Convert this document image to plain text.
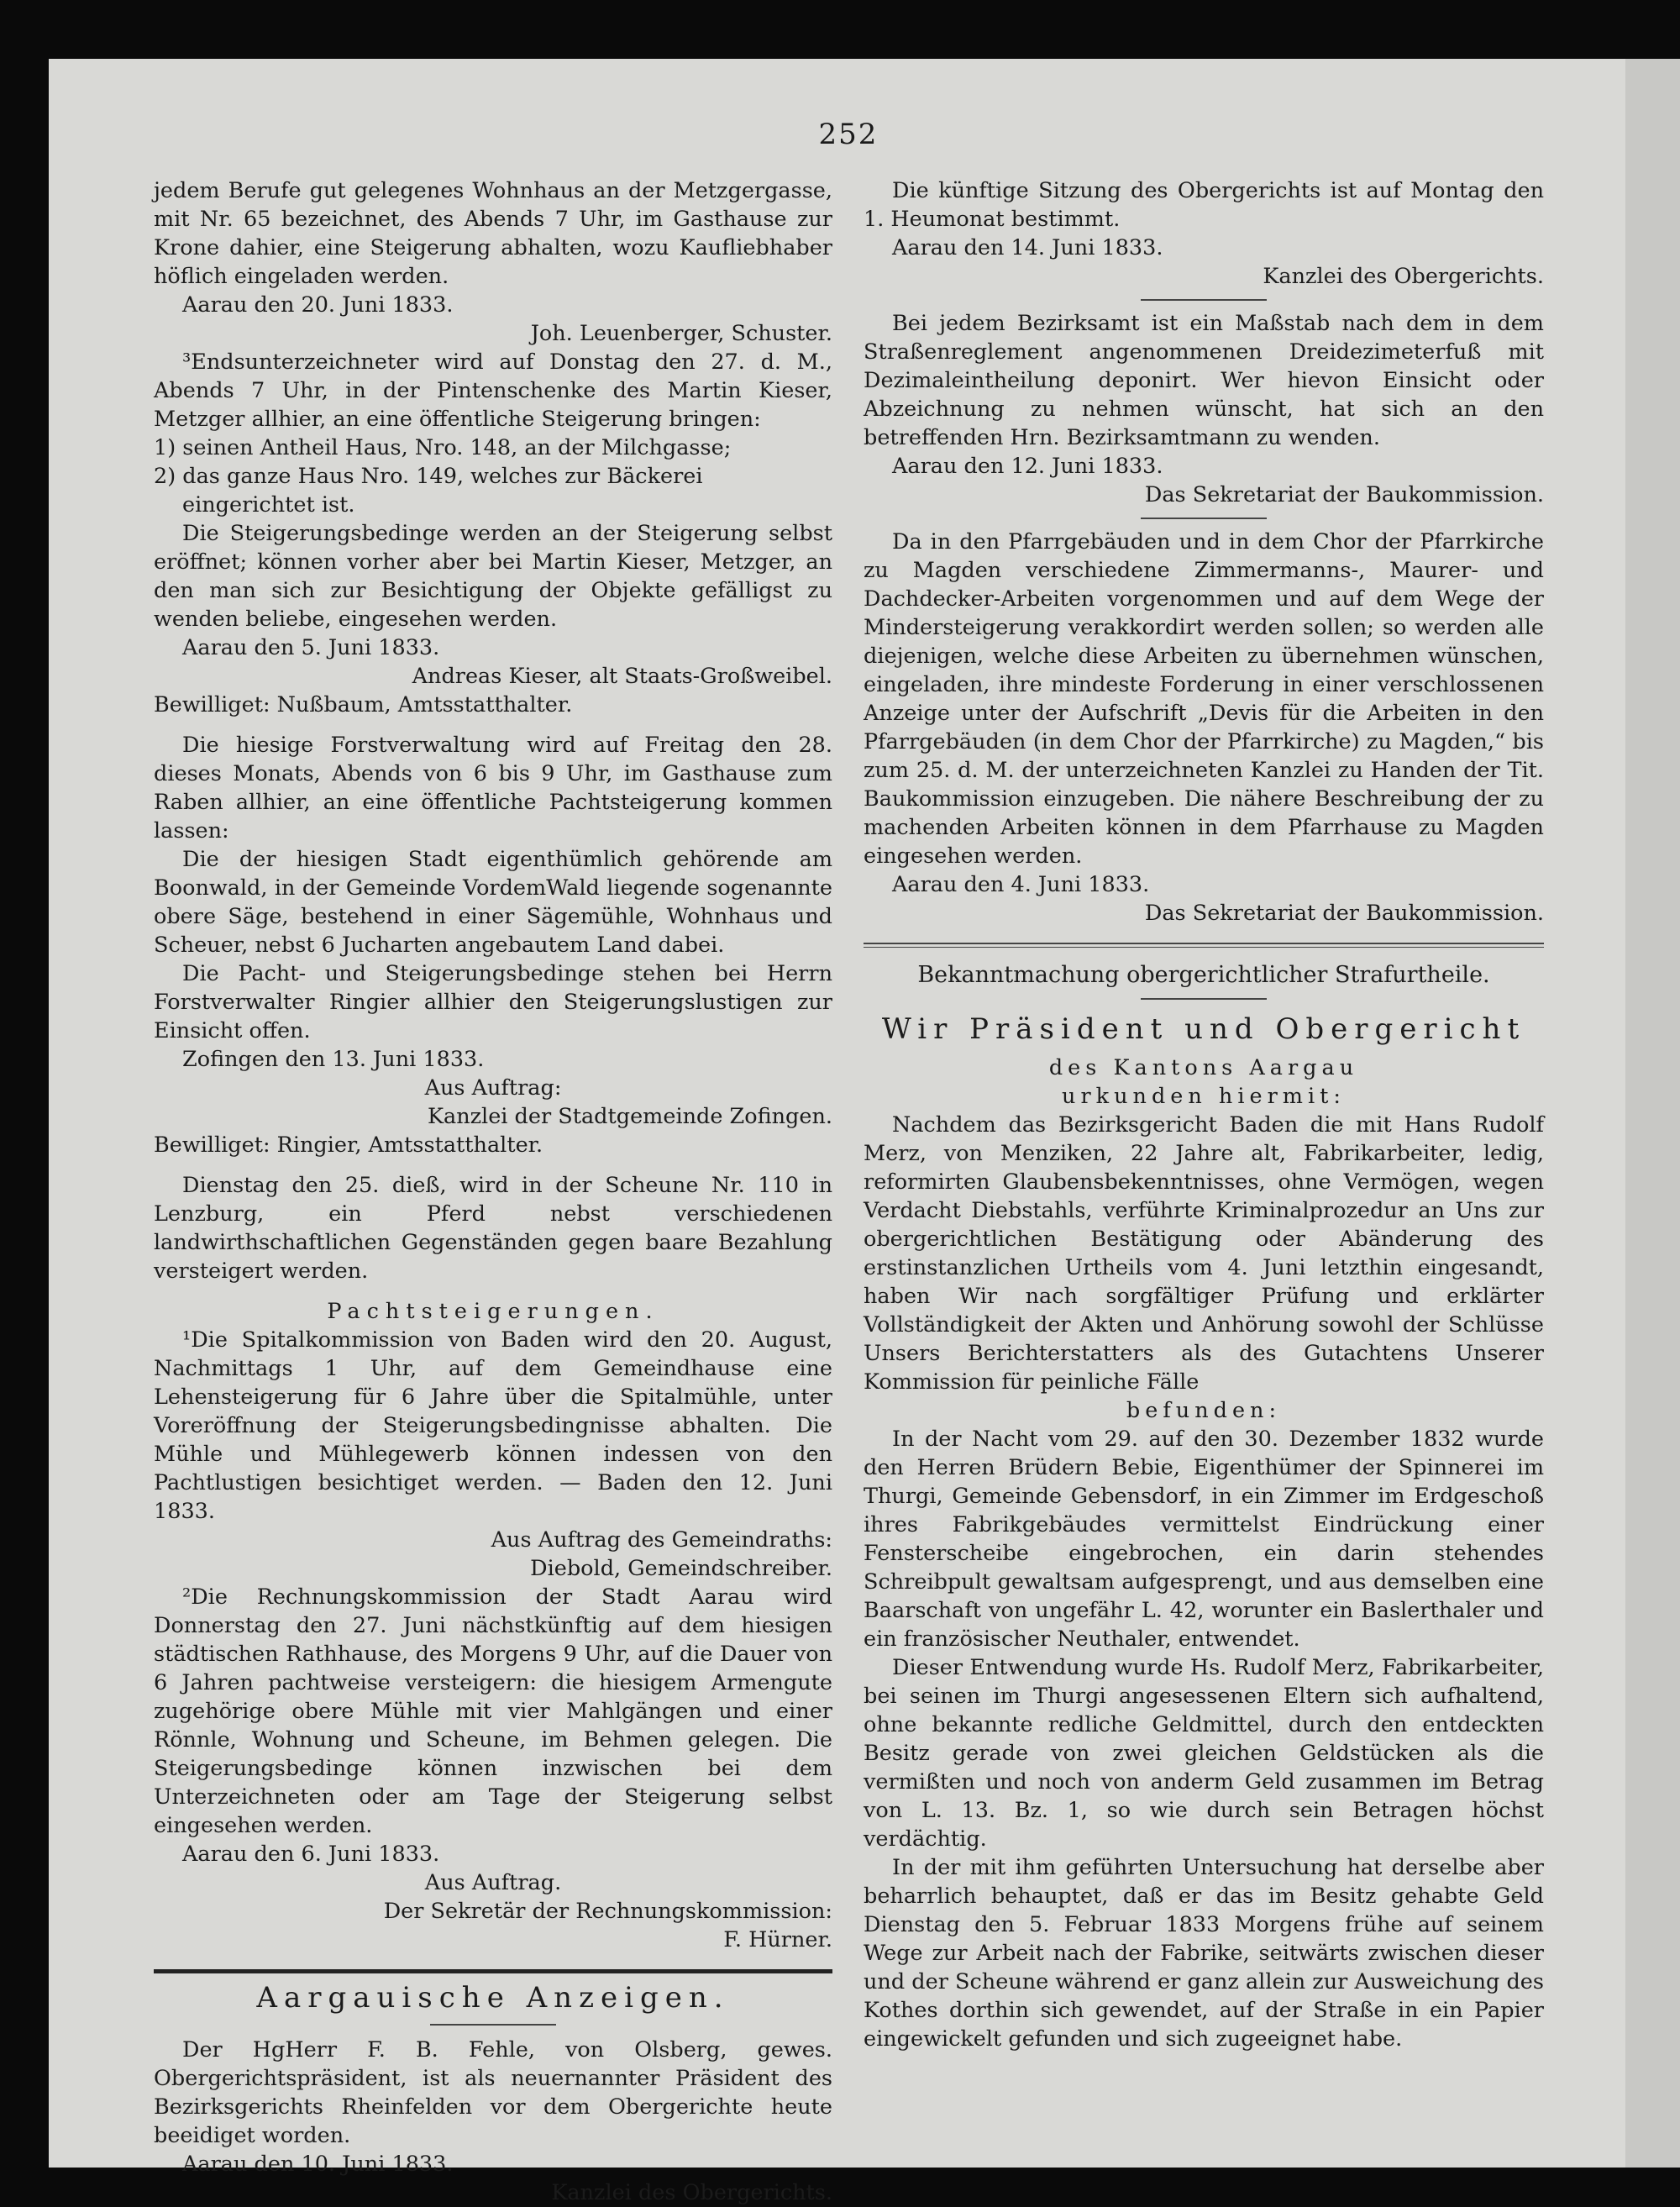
252

jedem Berufe gut gelegenes Wohnhaus an der Metzgergasse, mit Nr. 65 bezeichnet, des Abends 7 Uhr, im Gasthause zur Krone dahier, eine Steigerung abhalten, wozu Kaufliebhaber höflich eingeladen werden.

Aarau den 20. Juni 1833.

Joh. Leuenberger, Schuster.

³Endsunterzeichneter wird auf Donstag den 27. d. M., Abends 7 Uhr, in der Pintenschenke des Martin Kieser, Metzger allhier, an eine öffentliche Steigerung bringen:

1) seinen Antheil Haus, Nro. 148, an der Milchgasse;

2) das ganze Haus Nro. 149, welches zur Bäckerei eingerichtet ist.

Die Steigerungsbedinge werden an der Steigerung selbst eröffnet; können vorher aber bei Martin Kieser, Metzger, an den man sich zur Besichtigung der Objekte gefälligst zu wenden beliebe, eingesehen werden.

Aarau den 5. Juni 1833.

Andreas Kieser, alt Staats-Großweibel.

Bewilliget: Nußbaum, Amtsstatthalter.

Die hiesige Forstverwaltung wird auf Freitag den 28. dieses Monats, Abends von 6 bis 9 Uhr, im Gasthause zum Raben allhier, an eine öffentliche Pachtsteigerung kommen lassen:

Die der hiesigen Stadt eigenthümlich gehörende am Boonwald, in der Gemeinde VordemWald liegende sogenannte obere Säge, bestehend in einer Sägemühle, Wohnhaus und Scheuer, nebst 6 Jucharten angebautem Land dabei.

Die Pacht- und Steigerungsbedinge stehen bei Herrn Forstverwalter Ringier allhier den Steigerungslustigen zur Einsicht offen.

Zofingen den 13. Juni 1833.

Aus Auftrag:

Kanzlei der Stadtgemeinde Zofingen.

Bewilliget: Ringier, Amtsstatthalter.

Dienstag den 25. dieß, wird in der Scheune Nr. 110 in Lenzburg, ein Pferd nebst verschiedenen landwirthschaftlichen Gegenständen gegen baare Bezahlung versteigert werden.

Pachtsteigerungen.

¹Die Spitalkommission von Baden wird den 20. August, Nachmittags 1 Uhr, auf dem Gemeindhause eine Lehensteigerung für 6 Jahre über die Spitalmühle, unter Voreröffnung der Steigerungsbedingnisse abhalten. Die Mühle und Mühlegewerb können indessen von den Pachtlustigen besichtiget werden. — Baden den 12. Juni 1833.

Aus Auftrag des Gemeindraths:

Diebold, Gemeindschreiber.

²Die Rechnungskommission der Stadt Aarau wird Donnerstag den 27. Juni nächstkünftig auf dem hiesigen städtischen Rathhause, des Morgens 9 Uhr, auf die Dauer von 6 Jahren pachtweise versteigern: die hiesigem Armengute zugehörige obere Mühle mit vier Mahlgängen und einer Rönnle, Wohnung und Scheune, im Behmen gelegen. Die Steigerungsbedinge können inzwischen bei dem Unterzeichneten oder am Tage der Steigerung selbst eingesehen werden.

Aarau den 6. Juni 1833.

Aus Auftrag.

Der Sekretär der Rechnungskommission:

F. Hürner.

Aargauische Anzeigen.

Der HgHerr F. B. Fehle, von Olsberg, gewes. Obergerichtspräsident, ist als neuernannter Präsident des Bezirksgerichts Rheinfelden vor dem Obergerichte heute beeidiget worden.

Aarau den 10. Juni 1833.

Kanzlei des Obergerichts.

Die künftige Sitzung des Obergerichts ist auf Montag den 1. Heumonat bestimmt.

Aarau den 14. Juni 1833.

Kanzlei des Obergerichts.

Bei jedem Bezirksamt ist ein Maßstab nach dem in dem Straßenreglement angenommenen Dreidezimeterfuß mit Dezimaleintheilung deponirt. Wer hievon Einsicht oder Abzeichnung zu nehmen wünscht, hat sich an den betreffenden Hrn. Bezirksamtmann zu wenden.

Aarau den 12. Juni 1833.

Das Sekretariat der Baukommission.

Da in den Pfarrgebäuden und in dem Chor der Pfarrkirche zu Magden verschiedene Zimmermanns-, Maurer- und Dachdecker-Arbeiten vorgenommen und auf dem Wege der Mindersteigerung verakkordirt werden sollen; so werden alle diejenigen, welche diese Arbeiten zu übernehmen wünschen, eingeladen, ihre mindeste Forderung in einer verschlossenen Anzeige unter der Aufschrift „Devis für die Arbeiten in den Pfarrgebäuden (in dem Chor der Pfarrkirche) zu Magden,“ bis zum 25. d. M. der unterzeichneten Kanzlei zu Handen der Tit. Baukommission einzugeben. Die nähere Beschreibung der zu machenden Arbeiten können in dem Pfarrhause zu Magden eingesehen werden.

Aarau den 4. Juni 1833.

Das Sekretariat der Baukommission.

Bekanntmachung obergerichtlicher Strafurtheile.

Wir Präsident und Obergericht

des Kantons Aargau

urkunden hiermit:

Nachdem das Bezirksgericht Baden die mit Hans Rudolf Merz, von Menziken, 22 Jahre alt, Fabrikarbeiter, ledig, reformirten Glaubensbekenntnisses, ohne Vermögen, wegen Verdacht Diebstahls, verführte Kriminalprozedur an Uns zur obergerichtlichen Bestätigung oder Abänderung des erstinstanzlichen Urtheils vom 4. Juni letzthin eingesandt, haben Wir nach sorgfältiger Prüfung und erklärter Vollständigkeit der Akten und Anhörung sowohl der Schlüsse Unsers Berichterstatters als des Gutachtens Unserer Kommission für peinliche Fälle

befunden:

In der Nacht vom 29. auf den 30. Dezember 1832 wurde den Herren Brüdern Bebie, Eigenthümer der Spinnerei im Thurgi, Gemeinde Gebensdorf, in ein Zimmer im Erdgeschoß ihres Fabrikgebäudes vermittelst Eindrückung einer Fensterscheibe eingebrochen, ein darin stehendes Schreibpult gewaltsam aufgesprengt, und aus demselben eine Baarschaft von ungefähr L. 42, worunter ein Baslerthaler und ein französischer Neuthaler, entwendet.

Dieser Entwendung wurde Hs. Rudolf Merz, Fabrikarbeiter, bei seinen im Thurgi angesessenen Eltern sich aufhaltend, ohne bekannte redliche Geldmittel, durch den entdeckten Besitz gerade von zwei gleichen Geldstücken als die vermißten und noch von anderm Geld zusammen im Betrag von L. 13. Bz. 1, so wie durch sein Betragen höchst verdächtig.

In der mit ihm geführten Untersuchung hat derselbe aber beharrlich behauptet, daß er das im Besitz gehabte Geld Dienstag den 5. Februar 1833 Morgens frühe auf seinem Wege zur Arbeit nach der Fabrike, seitwärts zwischen dieser und der Scheune während er ganz allein zur Ausweichung des Kothes dorthin sich gewendet, auf der Straße in ein Papier eingewickelt gefunden und sich zugeeignet habe.
